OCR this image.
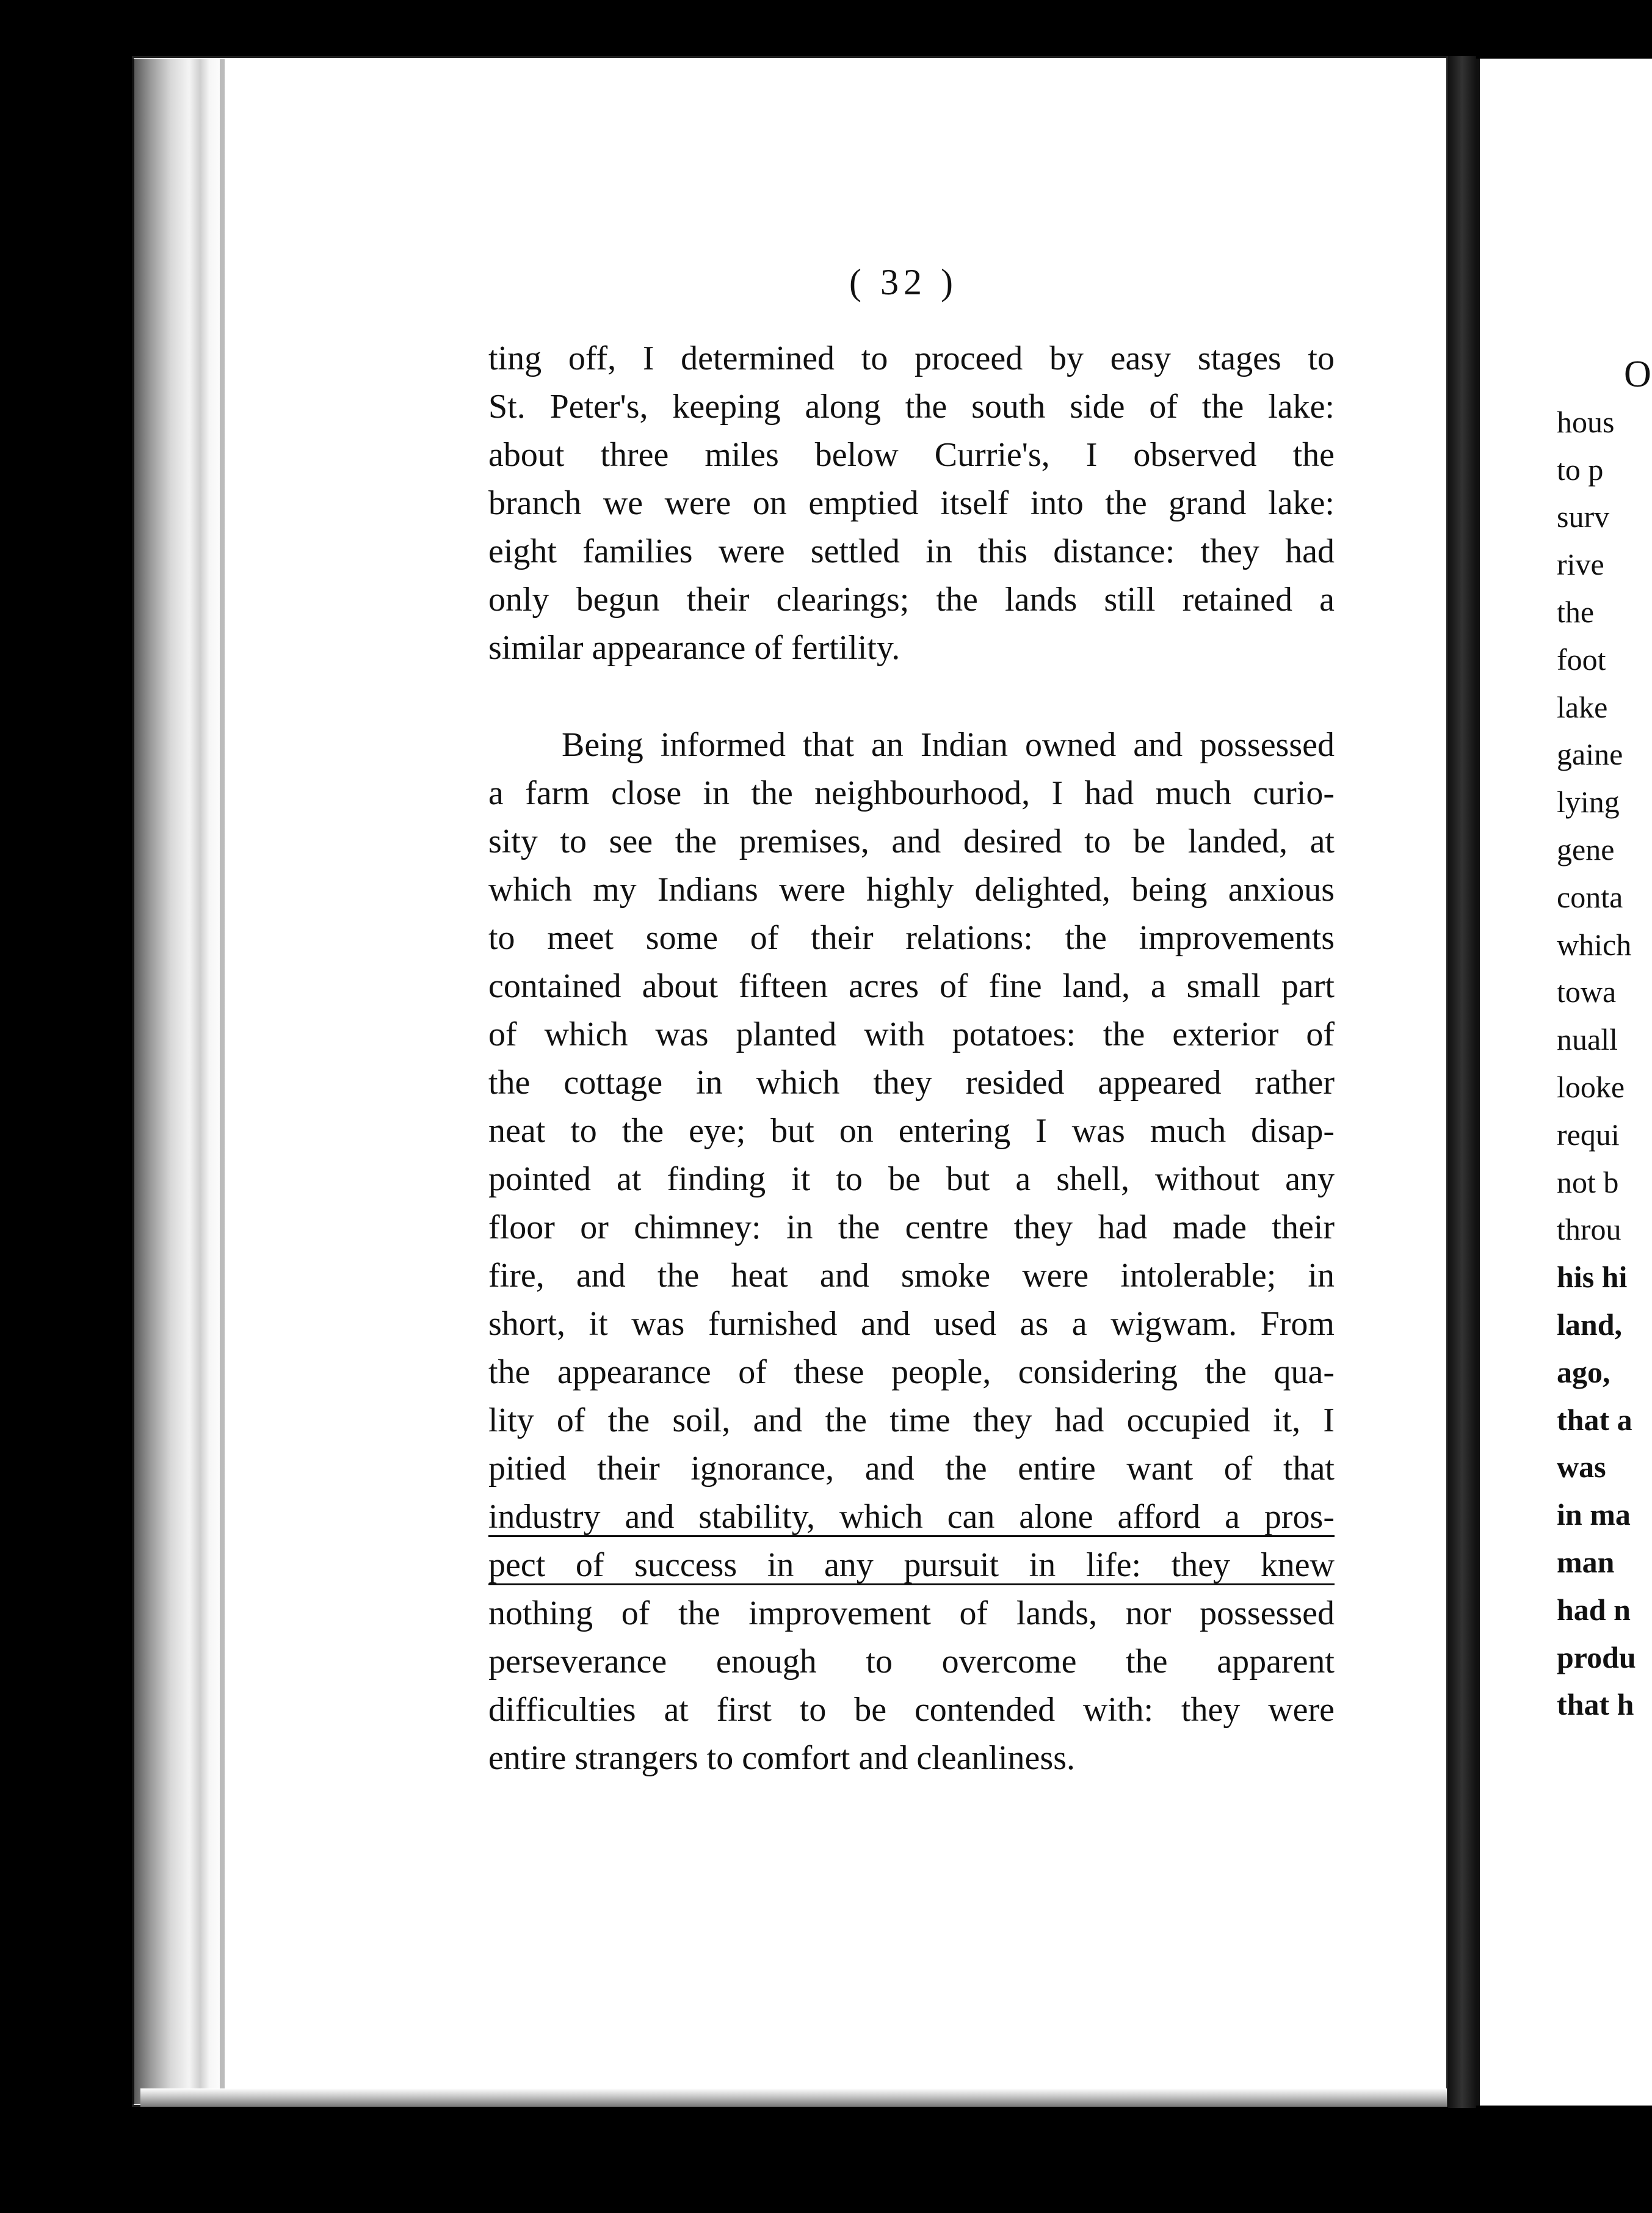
( 32 )
ting off, I determined to proceed by easy stages to
St. Peter's, keeping along the south side of the lake:
about three miles below Currie's, I observed the
branch we were on emptied itself into the grand lake:
eight families were settled in this distance: they had
only begun their clearings; the lands still retained a
similar appearance of fertility.
Being informed that an Indian owned and possessed
a farm close in the neighbourhood, I had much curio-
sity to see the premises, and desired to be landed, at
which my Indians were highly delighted, being anxious
to meet some of their relations: the improvements
contained about fifteen acres of fine land, a small part
of which was planted with potatoes: the exterior of
the cottage in which they resided appeared rather
neat to the eye; but on entering I was much disap-
pointed at finding it to be but a shell, without any
floor or chimney: in the centre they had made their
fire, and the heat and smoke were intolerable; in
short, it was furnished and used as a wigwam. From
the appearance of these people, considering the qua-
lity of the soil, and the time they had occupied it, I
pitied their ignorance, and the entire want of that
industry and stability, which can alone afford a pros-
pect of success in any pursuit in life: they knew
nothing of the improvement of lands, nor possessed
perseverance enough to overcome the apparent
difficulties at first to be contended with: they were
entire strangers to comfort and cleanliness.
O
hous
to p
surv
rive
the
foot
lake
gaine
lying
gene
conta
which
towa
nuall
looke
requi
not b
throu
his hi
land,
ago,
that a
was
in ma
man
had n
produ
that h
